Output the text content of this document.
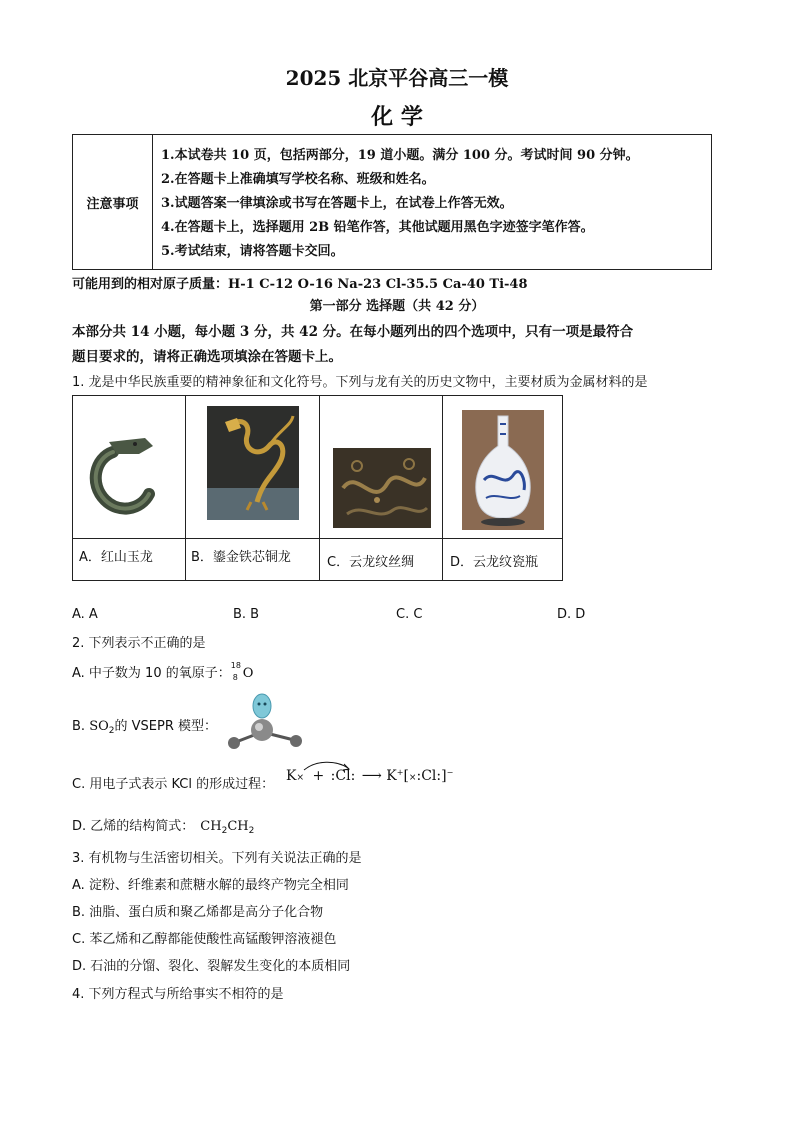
2025 北京平谷高三一模
化 学
注意事项
1.本试卷共 10 页，包括两部分，19 道小题。满分 100 分。考试时间 90 分钟。
2.在答题卡上准确填写学校名称、班级和姓名。
3.试题答案一律填涂或书写在答题卡上，在试卷上作答无效。
4.在答题卡上，选择题用 2B 铅笔作答，其他试题用黑色字迹签字笔作答。
5.考试结束，请将答题卡交回。
可能用到的相对原子质量：H-1 C-12 O-16 Na-23 Cl-35.5 Ca-40 Ti-48
第一部分 选择题（共 42 分）
本部分共 14 小题，每小题 3 分，共 42 分。在每小题列出的四个选项中，只有一项是最符合
题目要求的，请将正确选项填涂在答题卡上。
1. 龙是中华民族重要的精神象征和文化符号。下列与龙有关的历史文物中，主要材质为金属材料的是
A．红山玉龙	B．鎏金铁芯铜龙	C．云龙纹丝绸	D．云龙纹瓷瓶
A. A	B. B	C. C	D. D
2. 下列表示不正确的是
A. 中子数为 10 的氧原子：
18
8 O
B. $SO_2$的 VSEPR 模型：
C. 用电子式表示 KCl 的形成过程：
K× + :Cl: ⟶ K+[×:Cl:]−
D. 乙烯的结构简式： $CH_2CH_2$
3. 有机物与生活密切相关。下列有关说法正确的是
A. 淀粉、纤维素和蔗糖水解的最终产物完全相同
B. 油脂、蛋白质和聚乙烯都是高分子化合物
C. 苯乙烯和乙醇都能使酸性高锰酸钾溶液褪色
D. 石油的分馏、裂化、裂解发生变化的本质相同
4. 下列方程式与所给事实不相符的是
